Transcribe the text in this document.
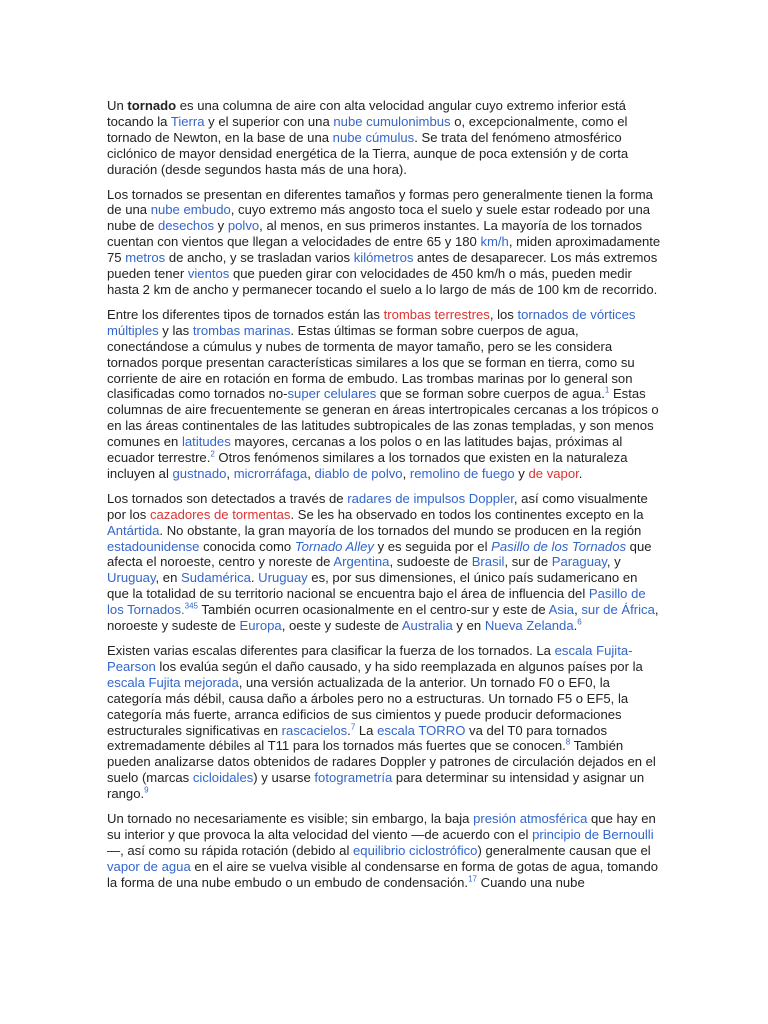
Un tornado es una columna de aire con alta velocidad angular cuyo extremo inferior está tocando la Tierra y el superior con una nube cumulonimbus o, excepcionalmente, como el tornado de Newton, en la base de una nube cúmulus. Se trata del fenómeno atmosférico ciclónico de mayor densidad energética de la Tierra, aunque de poca extensión y de corta duración (desde segundos hasta más de una hora).

Los tornados se presentan en diferentes tamaños y formas pero generalmente tienen la forma de una nube embudo, cuyo extremo más angosto toca el suelo y suele estar rodeado por una nube de desechos y polvo, al menos, en sus primeros instantes. La mayoría de los tornados cuentan con vientos que llegan a velocidades de entre 65 y 180 km/h, miden aproximadamente 75 metros de ancho, y se trasladan varios kilómetros antes de desaparecer. Los más extremos pueden tener vientos que pueden girar con velocidades de 450 km/h o más, pueden medir hasta 2 km de ancho y permanecer tocando el suelo a lo largo de más de 100 km de recorrido.

Entre los diferentes tipos de tornados están las trombas terrestres, los tornados de vórtices múltiples y las trombas marinas. Estas últimas se forman sobre cuerpos de agua, conectándose a cúmulus y nubes de tormenta de mayor tamaño, pero se les considera tornados porque presentan características similares a los que se forman en tierra, como su corriente de aire en rotación en forma de embudo. Las trombas marinas por lo general son clasificadas como tornados no-super celulares que se forman sobre cuerpos de agua.$^1$ Estas columnas de aire frecuentemente se generan en áreas intertropicales cercanas a los trópicos o en las áreas continentales de las latitudes subtropicales de las zonas templadas, y son menos comunes en latitudes mayores, cercanas a los polos o en las latitudes bajas, próximas al ecuador terrestre.$^2$ Otros fenómenos similares a los tornados que existen en la naturaleza incluyen al gustnado, microrráfaga, diablo de polvo, remolino de fuego y de vapor.

Los tornados son detectados a través de radares de impulsos Doppler, así como visualmente por los cazadores de tormentas. Se les ha observado en todos los continentes excepto en la Antártida. No obstante, la gran mayoría de los tornados del mundo se producen en la región estadounidense conocida como Tornado Alley y es seguida por el Pasillo de los Tornados que afecta el noroeste, centro y noreste de Argentina, sudoeste de Brasil, sur de Paraguay, y Uruguay, en Sudamérica. Uruguay es, por sus dimensiones, el único país sudamericano en que la totalidad de su territorio nacional se encuentra bajo el área de influencia del Pasillo de los Tornados.$^{345}$ También ocurren ocasionalmente en el centro-sur y este de Asia, sur de África, noroeste y sudeste de Europa, oeste y sudeste de Australia y en Nueva Zelanda.$^6$

Existen varias escalas diferentes para clasificar la fuerza de los tornados. La escala Fujita-Pearson los evalúa según el daño causado, y ha sido reemplazada en algunos países por la escala Fujita mejorada, una versión actualizada de la anterior. Un tornado F0 o EF0, la categoría más débil, causa daño a árboles pero no a estructuras. Un tornado F5 o EF5, la categoría más fuerte, arranca edificios de sus cimientos y puede producir deformaciones estructurales significativas en rascacielos.$^7$ La escala TORRO va del T0 para tornados extremadamente débiles al T11 para los tornados más fuertes que se conocen.$^8$ También pueden analizarse datos obtenidos de radares Doppler y patrones de circulación dejados en el suelo (marcas cicloidales) y usarse fotogrametría para determinar su intensidad y asignar un rango.$^9$

Un tornado no necesariamente es visible; sin embargo, la baja presión atmosférica que hay en su interior y que provoca la alta velocidad del viento —de acuerdo con el principio de Bernoulli —, así como su rápida rotación (debido al equilibrio ciclostrófico) generalmente causan que el vapor de agua en el aire se vuelva visible al condensarse en forma de gotas de agua, tomando la forma de una nube embudo o un embudo de condensación.$^{17}$ Cuando una nube
